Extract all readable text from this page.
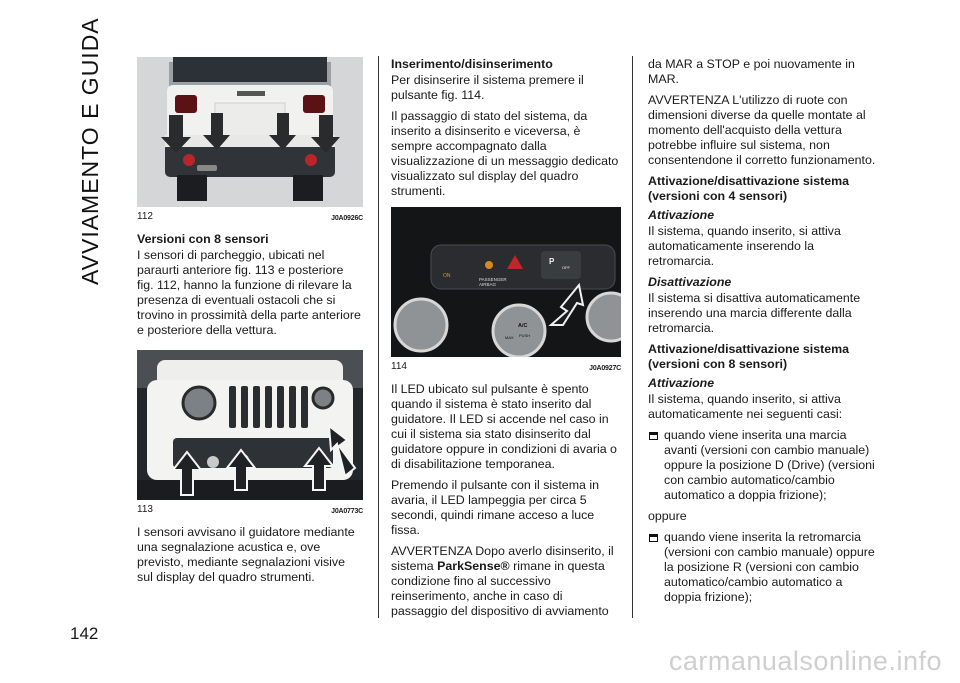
AVVIAMENTO E GUIDA
142
112	J0A0926C
Versioni con 8 sensori

I sensori di parcheggio, ubicati nel paraurti anteriore fig. 113 e posteriore fig. 112, hanno la funzione di rilevare la presenza di eventuali ostacoli che si trovino in prossimità della parte anteriore e posteriore della vettura.

113	J0A0773C

I sensori avvisano il guidatore mediante una segnalazione acustica e, ove previsto, mediante segnalazioni visive sul display del quadro strumenti.

Inserimento/disinserimento

Per disinserire il sistema premere il pulsante fig. 114.

Il passaggio di stato del sistema, da inserito a disinserito e viceversa, è sempre accompagnato dalla visualizzazione di un messaggio dedicato visualizzato sul display del quadro strumenti.

ON
PASSENGER AIRBAG
P
OFF
A/C
PUSH
MAX
114	J0A0927C

Il LED ubicato sul pulsante è spento quando il sistema è stato inserito dal guidatore. Il LED si accende nel caso in cui il sistema sia stato disinserito dal guidatore oppure in condizioni di avaria o di disabilitazione temporanea.

Premendo il pulsante con il sistema in avaria, il LED lampeggia per circa 5 secondi, quindi rimane acceso a luce fissa.

AVVERTENZA Dopo averlo disinserito, il sistema ParkSense® rimane in questa condizione fino al successivo reinserimento, anche in caso di passaggio del dispositivo di avviamento

da MAR a STOP e poi nuovamente in MAR.

AVVERTENZA L'utilizzo di ruote con dimensioni diverse da quelle montate al momento dell'acquisto della vettura potrebbe influire sul sistema, non consentendone il corretto funzionamento.

Attivazione/disattivazione sistema (versioni con 4 sensori)
Attivazione

Il sistema, quando inserito, si attiva automaticamente inserendo la retromarcia.

Disattivazione

Il sistema si disattiva automaticamente inserendo una marcia differente dalla retromarcia.

Attivazione/disattivazione sistema (versioni con 8 sensori)
Attivazione

Il sistema, quando inserito, si attiva automaticamente nei seguenti casi:

quando viene inserita una marcia avanti (versioni con cambio manuale) oppure la posizione D (Drive) (versioni con cambio automatico/cambio automatico a doppia frizione);

oppure

quando viene inserita la retromarcia (versioni con cambio manuale) oppure la posizione R (versioni con cambio automatico/cambio automatico a doppia frizione);

carmanualsonline.info
